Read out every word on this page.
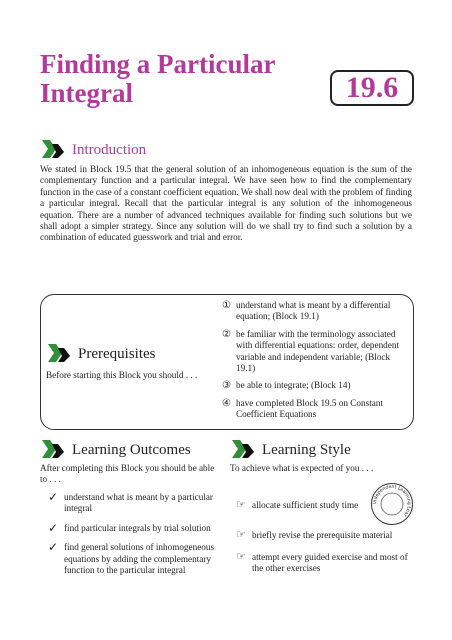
Finding a Particular
Integral	19.6
Introduction
We stated in Block 19.5 that the general solution of an inhomogeneous equation is the sum of the complementary function and a particular integral. We have seen how to find the complementary function in the case of a constant coefficient equation. We shall now deal with the problem of finding a particular integral. Recall that the particular integral is any solution of the inhomogeneous equation. There are a number of advanced techniques available for finding such solutions but we shall adopt a simpler strategy. Since any solution will do we shall try to find such a solution by a combination of educated guesswork and trial and error.
Prerequisites
Before starting this Block you should . . .
① understand what is meant by a differential equation; (Block 19.1)
② be familiar with the terminology associated with differential equations: order, dependent variable and independent variable; (Block 19.1)
③ be able to integrate; (Block 14)
④ have completed Block 19.5 on Constant Coefficient Equations
Learning Outcomes
After completing this Block you should be able to . . .
✓ understand what is meant by a particular integral
✓ find particular integrals by trial solution
✓ find general solutions of inhomogeneous equations by adding the complementary function to the particular integral
Learning Style
To achieve what is expected of you . . .
☞ allocate sufficient study time
☞ briefly revise the prerequisite material
☞ attempt every guided exercise and most of the other exercises
Independent Learning Lear
